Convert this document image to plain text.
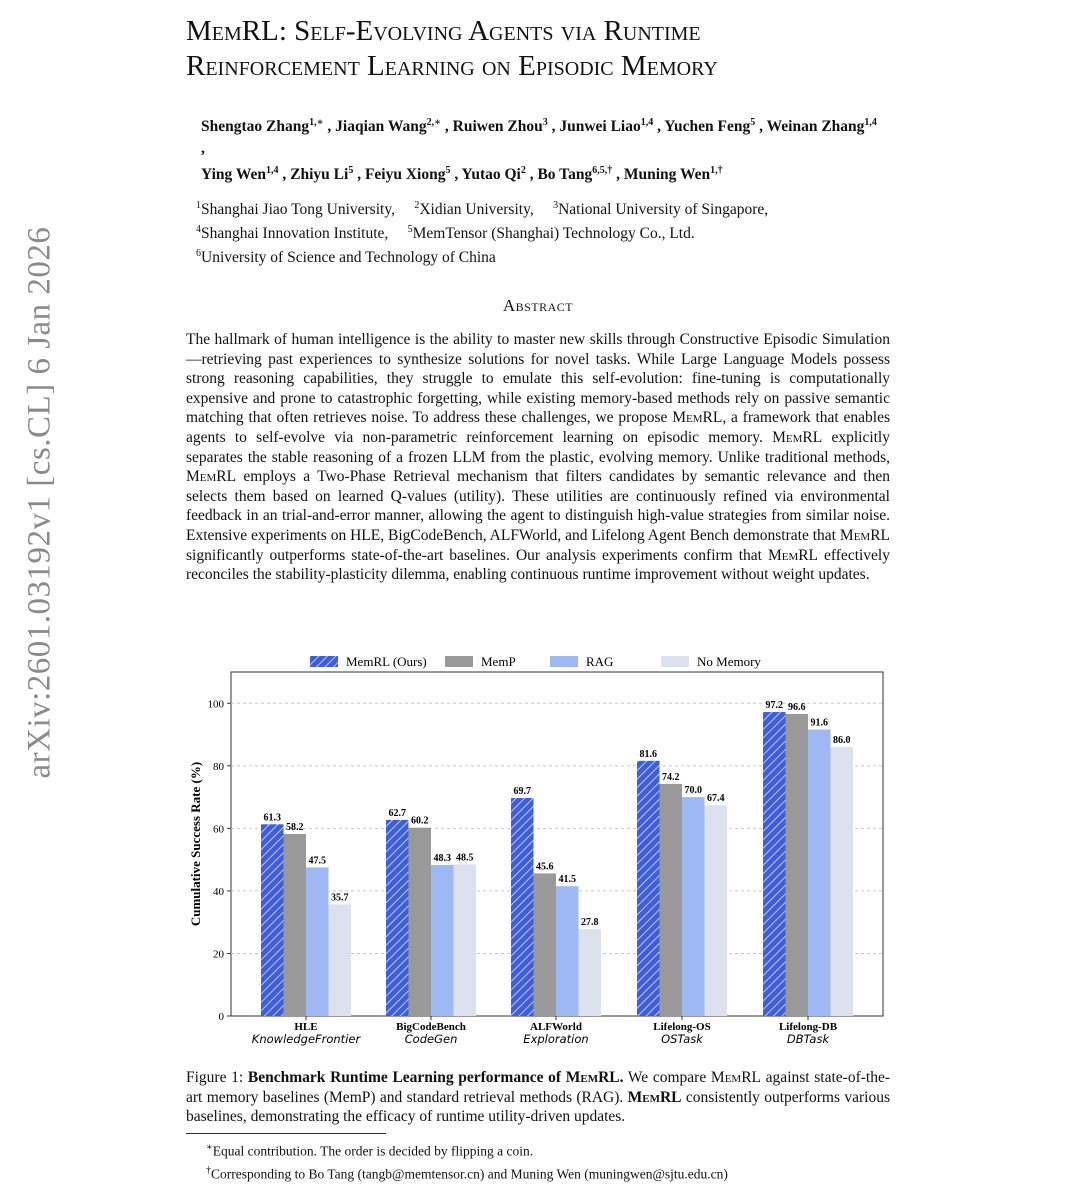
arXiv:2601.03192v1 [cs.CL] 6 Jan 2026
MemRL: Self-Evolving Agents via Runtime
Reinforcement Learning on Episodic Memory
Shengtao Zhang$^{1,∗}$ , Jiaqian Wang$^{2,∗}$ , Ruiwen Zhou$^3$ , Junwei Liao$^{1,4}$ , Yuchen Feng$^5$ , Weinan Zhang$^{1,4}$ ,
Ying Wen$^{1,4}$ , Zhiyu Li$^5$ , Feiyu Xiong$^5$ , Yutao Qi$^2$ , Bo Tang$^{6,5,\dagger}$ , Muning Wen$^{1,\dagger}$

$^1$Shanghai Jiao Tong University, $^2$Xidian University, $^3$National University of Singapore,
$^4$Shanghai Innovation Institute, $^5$MemTensor (Shanghai) Technology Co., Ltd.
$^6$University of Science and Technology of China
Abstract
The hallmark of human intelligence is the ability to master new skills through Constructive Episodic Simulation—retrieving past experiences to synthesize solutions for novel tasks. While Large Language Models possess strong reasoning capabilities, they struggle to emulate this self-evolution: fine-tuning is computationally expensive and prone to catastrophic forgetting, while existing memory-based methods rely on passive semantic matching that often retrieves noise. To address these challenges, we propose MemRL, a framework that enables agents to self-evolve via non-parametric reinforcement learning on episodic memory. MemRL explicitly separates the stable reasoning of a frozen LLM from the plastic, evolving memory. Unlike traditional methods, MemRL employs a Two-Phase Retrieval mechanism that filters candidates by semantic relevance and then selects them based on learned Q-values (utility). These utilities are continuously refined via environmental feedback in an trial-and-error manner, allowing the agent to distinguish high-value strategies from similar noise. Extensive experiments on HLE, BigCodeBench, ALFWorld, and Lifelong Agent Bench demonstrate that MemRL significantly outperforms state-of-the-art baselines. Our analysis experiments confirm that MemRL effectively reconciles the stability-plasticity dilemma, enabling continuous runtime improvement without weight updates.
MemRL (Ours)	MemP	RAG	No Memory
0
20
40
60
80
100
Cumulative Success Rate (%)	61.3
58.2
47.5
35.7
HLE
KnowledgeFrontier
62.7
60.2
48.3 48.5
BigCodeBench
CodeGen
69.7
45.6
41.5
27.8
ALFWorld
Exploration
81.6
74.2
70.0
67.4
Lifelong-OS
OSTask
97.2 96.6
91.6
86.0
Lifelong-DB
DBTask
Figure 1: Benchmark Runtime Learning performance of MemRL. We compare MemRL against state-of-the-art memory baselines (MemP) and standard retrieval methods (RAG). MemRL consistently outperforms various baselines, demonstrating the efficacy of runtime utility-driven updates.
∗Equal contribution. The order is decided by flipping a coin.
†Corresponding to Bo Tang (tangb@memtensor.cn) and Muning Wen (muningwen@sjtu.edu.cn)
